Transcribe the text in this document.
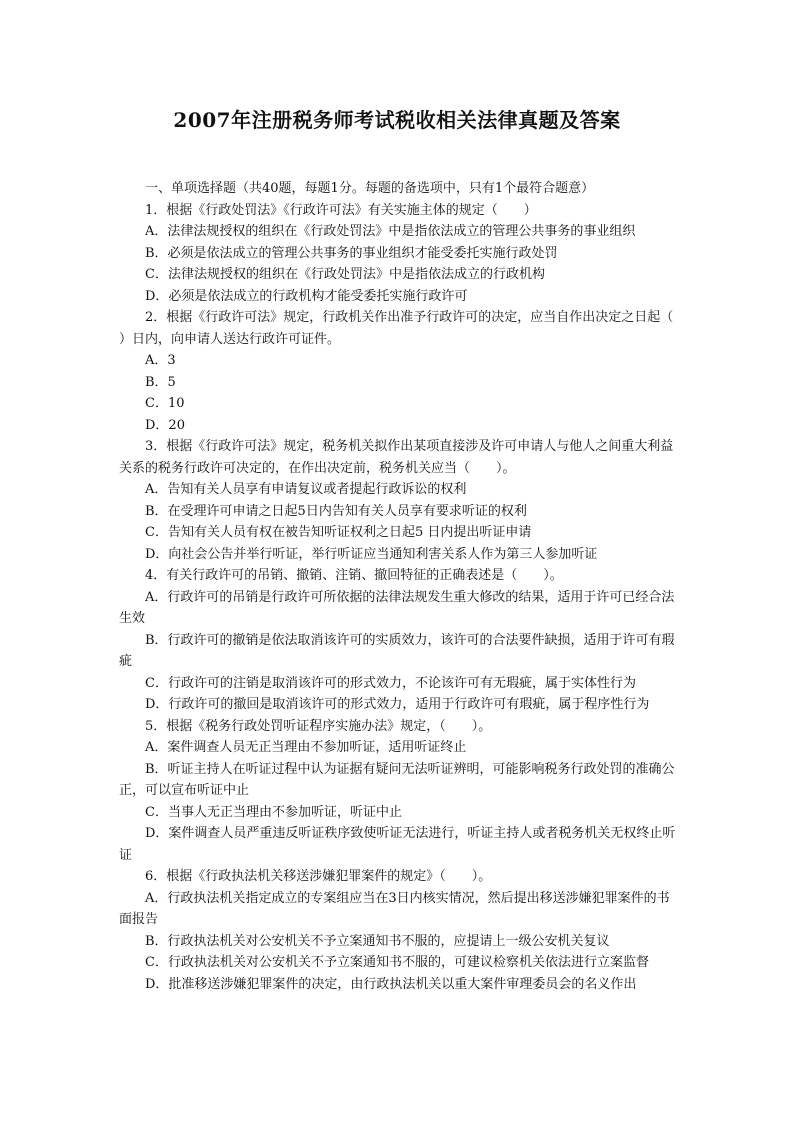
2007年注册税务师考试税收相关法律真题及答案

一、单项选择题（共40题，每题1分。每题的备选项中，只有1个最符合题意）

1．根据《行政处罚法》《行政许可法》有关实施主体的规定（　　）

A．法律法规授权的组织在《行政处罚法》中是指依法成立的管理公共事务的事业组织

B．必须是依法成立的管理公共事务的事业组织才能受委托实施行政处罚

C．法律法规授权的组织在《行政处罚法》中是指依法成立的行政机构

D．必须是依法成立的行政机构才能受委托实施行政许可

2．根据《行政许可法》规定，行政机关作出准予行政许可的决定，应当自作出决定之日起（　　）日内，向申请人送达行政许可证件。

A．3

B．5

C．10

D．20

3．根据《行政许可法》规定，税务机关拟作出某项直接涉及许可申请人与他人之间重大利益关系的税务行政许可决定的，在作出决定前，税务机关应当（　　）。

A．告知有关人员享有申请复议或者提起行政诉讼的权利

B．在受理许可申请之日起5日内告知有关人员享有要求听证的权利

C．告知有关人员有权在被告知听证权利之日起5 日内提出听证申请

D．向社会公告并举行听证，举行听证应当通知利害关系人作为第三人参加听证

4．有关行政许可的吊销、撤销、注销、撤回特征的正确表述是（　　）。

A．行政许可的吊销是行政许可所依据的法律法规发生重大修改的结果，适用于许可已经合法生效

B．行政许可的撤销是依法取消该许可的实质效力，该许可的合法要件缺损，适用于许可有瑕疵

C．行政许可的注销是取消该许可的形式效力，不论该许可有无瑕疵，属于实体性行为

D．行政许可的撤回是取消该许可的形式效力，适用于行政许可有瑕疵，属于程序性行为

5．根据《税务行政处罚听证程序实施办法》规定，（　　）。

A．案件调查人员无正当理由不参加听证，适用听证终止

B．听证主持人在听证过程中认为证据有疑问无法听证辨明，可能影响税务行政处罚的准确公正，可以宣布听证中止

C．当事人无正当理由不参加听证，听证中止

D．案件调查人员严重违反听证秩序致使听证无法进行，听证主持人或者税务机关无权终止听证

6．根据《行政执法机关移送涉嫌犯罪案件的规定》（　　）。

A．行政执法机关指定成立的专案组应当在3日内核实情况，然后提出移送涉嫌犯罪案件的书面报告

B．行政执法机关对公安机关不予立案通知书不服的，应提请上一级公安机关复议

C．行政执法机关对公安机关不予立案通知书不服的，可建议检察机关依法进行立案监督

D．批准移送涉嫌犯罪案件的决定，由行政执法机关以重大案件审理委员会的名义作出
